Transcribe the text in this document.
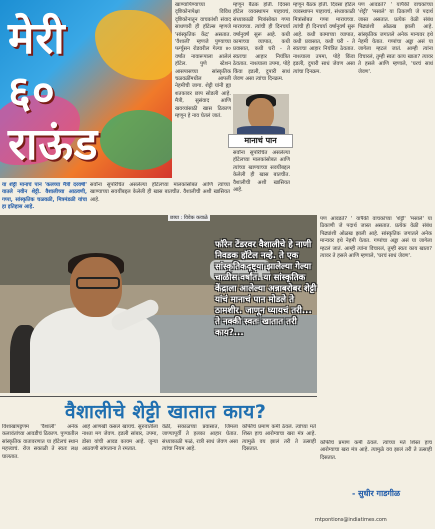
मेरी
६०
राऊंड
खाण्यापिण्याच्या दृष्टिकोनापेक्षा विविध दृष्टिकोनातून वाचकांशी संवाद साधणारी ही हॉटेल्स म्हणजे 'सांस्कृतिक केंद्र' असतात. 'वैशाली' म्हणजे पुण्याच्या फर्ग्युसन रोडवरील गेल्या ४० वर्षांत नावारूपाला आलेलं हॉटेल. पुणे स्टेशन आसपासच्या सांस्कृतिक चळवळींमधील आपली नेहमीची जागा. शेट्टी यांनी ह्या शतकावर छाप सोडली आहे. मैत्री, सुसंवाद आणि खवय्यांसाठी खास ठिकाण म्हणून हे नाव घेतलं जातं.
म्हणून बैठक होती. दिवसा हॉटेल व्यवस्थापन पाहायचं, संध्याकाळी मित्रांसोबत गप्पा मारायच्या. त्यांची ही दिनचर्या वर्षानुवर्षं सुरू आहे. कधी कामाच्या व्यापात, कधी प्रवासात, कधी घरी - ते स्वतःचा आहार नियंत्रित ठेवतात. नाश्त्याला उपमा, पोहे किंवा इडली, दुपारी साधं जेवण असा त्यांचा दिनक्रम.
म्हणून बैठक होती. दिवसा हॉटेल व्यवस्थापन पाहायचं, संध्याकाळी मित्रांसोबत गप्पा मारायच्या. त्यांची ही दिनचर्या वर्षानुवर्षं सुरू आहे. कधी कामाच्या व्यापात, कधी प्रवासात, कधी घरी - ते स्वतःचा आहार नियंत्रित ठेवतात. नाश्त्याला उपमा, पोहे किंवा इडली, दुपारी साधं जेवण असा त्यांचा दिनक्रम.
पण आवडते? ' यापैकी वाचकांच्या 'शेट्टी' 'मसाले' या ठिकाणी जे पदार्थ जास्त असतात. प्रत्येक वेळी संबंध पिढ्यांशी ओळख झाली आहे. सांस्कृतिक जगातले अनेक मान्यवर इथे नेहमी येतात. गप्पांचा अड्डा असं या जागेला म्हटलं जातं. आम्ही त्यांना विचारलं, तुम्ही स्वतः काय खाता? त्यावर ते हसले आणि म्हणाले, 'घरचं साधं जेवण'.
मानाचं पान
सर्वांना सुपरिचित असलेल्या हॉटेलच्या मालकांसोबत आणि त्यांच्या खाण्याच्या सवयींबद्दल केलेली ही खास बातचीत. वैशालीची अशी खासियत आहे.
या शेट्टी मानाचं पान 'कलच्या मैत्री दरवर्षी' यातले नवीन शेट्टी. वैशालीच्या आठवणी, गप्पा, सांस्कृतिक चळवळी, मित्रमंडळी यांचा हा इतिहास आहे.
सर्वांना सुपरिचित असलेल्या हॉटेलच्या मालकांसोबत आणि त्यांच्या खाण्याच्या सवयींबद्दल केलेली ही खास बातचीत. वैशालीची अशी खासियत आहे.
छाया : विवेक कवाळे
फॉरेन टेंडरवर वैशालीचे हे नाणी निवडक हॉटेल नव्हे. ते एक सांस्कृतिकदृष्ट्या झालेल्या गेल्या चाळीस वर्षांत. या सांस्कृतिक केंद्राला आलेल्या अन्नाबरोबर शेट्टी यांचं मानाचं पान मोडले ते ठामशीर. जाणून घ्यायचं तरी... ते नक्की स्वतः खातात तरी काय?...
पण आवडते? ' यापैकी वाचकांच्या 'शेट्टी' 'मसाले' या ठिकाणी जे पदार्थ जास्त असतात. प्रत्येक वेळी संबंध पिढ्यांशी ओळख झाली आहे. सांस्कृतिक जगातले अनेक मान्यवर इथे नेहमी येतात. गप्पांचा अड्डा असं या जागेला म्हटलं जातं. आम्ही त्यांना विचारलं, तुम्ही स्वतः काय खाता? त्यावर ते हसले आणि म्हणाले, 'घरचं साधं जेवण'.
वैशालीचे शेट्टी खातात काय?
विशाखापट्टणम 'वैशाली' अनेक कलावंतांच्या आवडीचं ठिकाण. पुण्यातील सांस्कृतिक वातावरणात या हॉटेलचं स्थान महत्त्वाचं. रोज सकाळी ते स्वतः लक्ष घालतात.
आहे आणखी कसलं खायचं. सुरुवातीला नाश्ता मग जेवण. इडली सांबार, उपमा, डोसा यांची आवड कायम आहे. जुन्या आठवणी सांगताना ते रमतात.
वेळी, सकाळच्या प्रवासात, जिमला जाण्यापूर्वी ते हलका आहार घेतात. संध्याकाळी फळं, रात्री साधं जेवण असा त्यांचा नियम आहे.
कॉफीचं प्रमाण कमी ठेवलं. त्यांच्या मते शिस्त हाच आरोग्याचा खरा मंत्र आहे. त्यामुळे वय झालं तरी ते उत्साही दिसतात.
कॉफीचं प्रमाण कमी ठेवलं. त्यांच्या मते शिस्त हाच आरोग्याचा खरा मंत्र आहे. त्यामुळे वय झालं तरी ते उत्साही दिसतात.
- सुधीर गाडगीळ
mtpontions@indiatimes.com
